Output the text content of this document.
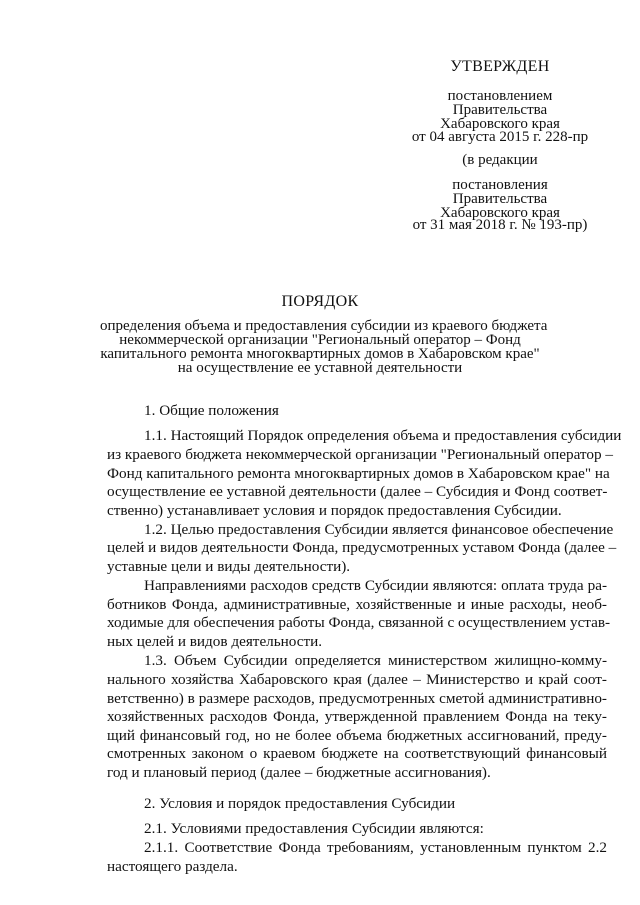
УТВЕРЖДЕН
постановлением
Правительства
Хабаровского края
от 04 августа 2015 г. 228-пр
(в редакции
постановления
Правительства
Хабаровского края
от 31 мая 2018 г. № 193-пр)
ПОРЯДОК
определения объема и предоставления субсидии из краевого бюджета
некоммерческой организации "Региональный оператор – Фонд
капитального ремонта многоквартирных домов в Хабаровском крае"
на осуществление ее уставной деятельности
1. Общие положения
1.1. Настоящий Порядок определения объема и предоставления субсидии
из краевого бюджета некоммерческой организации "Региональный оператор –
Фонд капитального ремонта многоквартирных домов в Хабаровском крае" на
осуществление ее уставной деятельности (далее – Субсидия и Фонд соответ-
ственно) устанавливает условия и порядок предоставления Субсидии.
1.2. Целью предоставления Субсидии является финансовое обеспечение
целей и видов деятельности Фонда, предусмотренных уставом Фонда (далее –
уставные цели и виды деятельности).
Направлениями расходов средств Субсидии являются: оплата труда ра-
ботников Фонда, административные, хозяйственные и иные расходы, необ-
ходимые для обеспечения работы Фонда, связанной с осуществлением устав-
ных целей и видов деятельности.
1.3. Объем Субсидии определяется министерством жилищно-комму-
нального хозяйства Хабаровского края (далее – Министерство и край соот-
ветственно) в размере расходов, предусмотренных сметой административно-
хозяйственных расходов Фонда, утвержденной правлением Фонда на теку-
щий финансовый год, но не более объема бюджетных ассигнований, преду-
смотренных законом о краевом бюджете на соответствующий финансовый
год и плановый период (далее – бюджетные ассигнования).
2. Условия и порядок предоставления Субсидии
2.1. Условиями предоставления Субсидии являются:
2.1.1. Соответствие Фонда требованиям, установленным пунктом 2.2
настоящего раздела.
